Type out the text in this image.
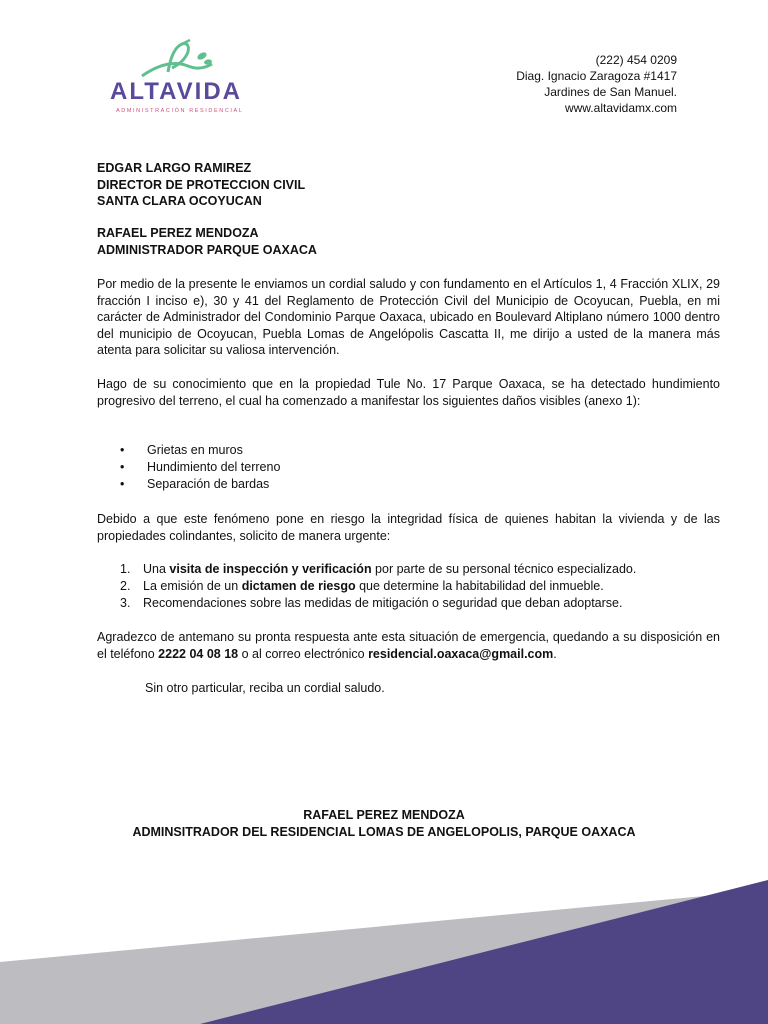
ALTAVIDA
ADMINISTRACIÓN RESIDENCIAL
(222) 454 0209
Diag. Ignacio Zaragoza #1417
Jardines de San Manuel.
www.altavidamx.com
EDGAR LARGO RAMIREZ
DIRECTOR DE PROTECCION CIVIL
SANTA CLARA OCOYUCAN
RAFAEL PEREZ MENDOZA
ADMINISTRADOR PARQUE OAXACA

Por medio de la presente le enviamos un cordial saludo y con fundamento en el Artículos 1, 4 Fracción XLIX, 29 fracción I inciso e), 30 y 41 del Reglamento de Protección Civil del Municipio de Ocoyucan, Puebla, en mi carácter de Administrador del Condominio Parque Oaxaca, ubicado en Boulevard Altiplano número 1000 dentro del municipio de Ocoyucan, Puebla Lomas de Angelópolis Cascatta II, me dirijo a usted de la manera más atenta para solicitar su valiosa intervención.

Hago de su conocimiento que en la propiedad Tule No. 17 Parque Oaxaca, se ha detectado hundimiento progresivo del terreno, el cual ha comenzado a manifestar los siguientes daños visibles (anexo 1):

•	Grietas en muros
•	Hundimiento del terreno
•	Separación de bardas

Debido a que este fenómeno pone en riesgo la integridad física de quienes habitan la vivienda y de las propiedades colindantes, solicito de manera urgente:

1.	Una visita de inspección y verificación por parte de su personal técnico especializado.
2.	La emisión de un dictamen de riesgo que determine la habitabilidad del inmueble.
3.	Recomendaciones sobre las medidas de mitigación o seguridad que deban adoptarse.

Agradezco de antemano su pronta respuesta ante esta situación de emergencia, quedando a su disposición en el teléfono 2222 04 08 18 o al correo electrónico residencial.oaxaca@gmail.com.

Sin otro particular, reciba un cordial saludo.
RAFAEL PEREZ MENDOZA
ADMINSITRADOR DEL RESIDENCIAL LOMAS DE ANGELOPOLIS, PARQUE OAXACA
